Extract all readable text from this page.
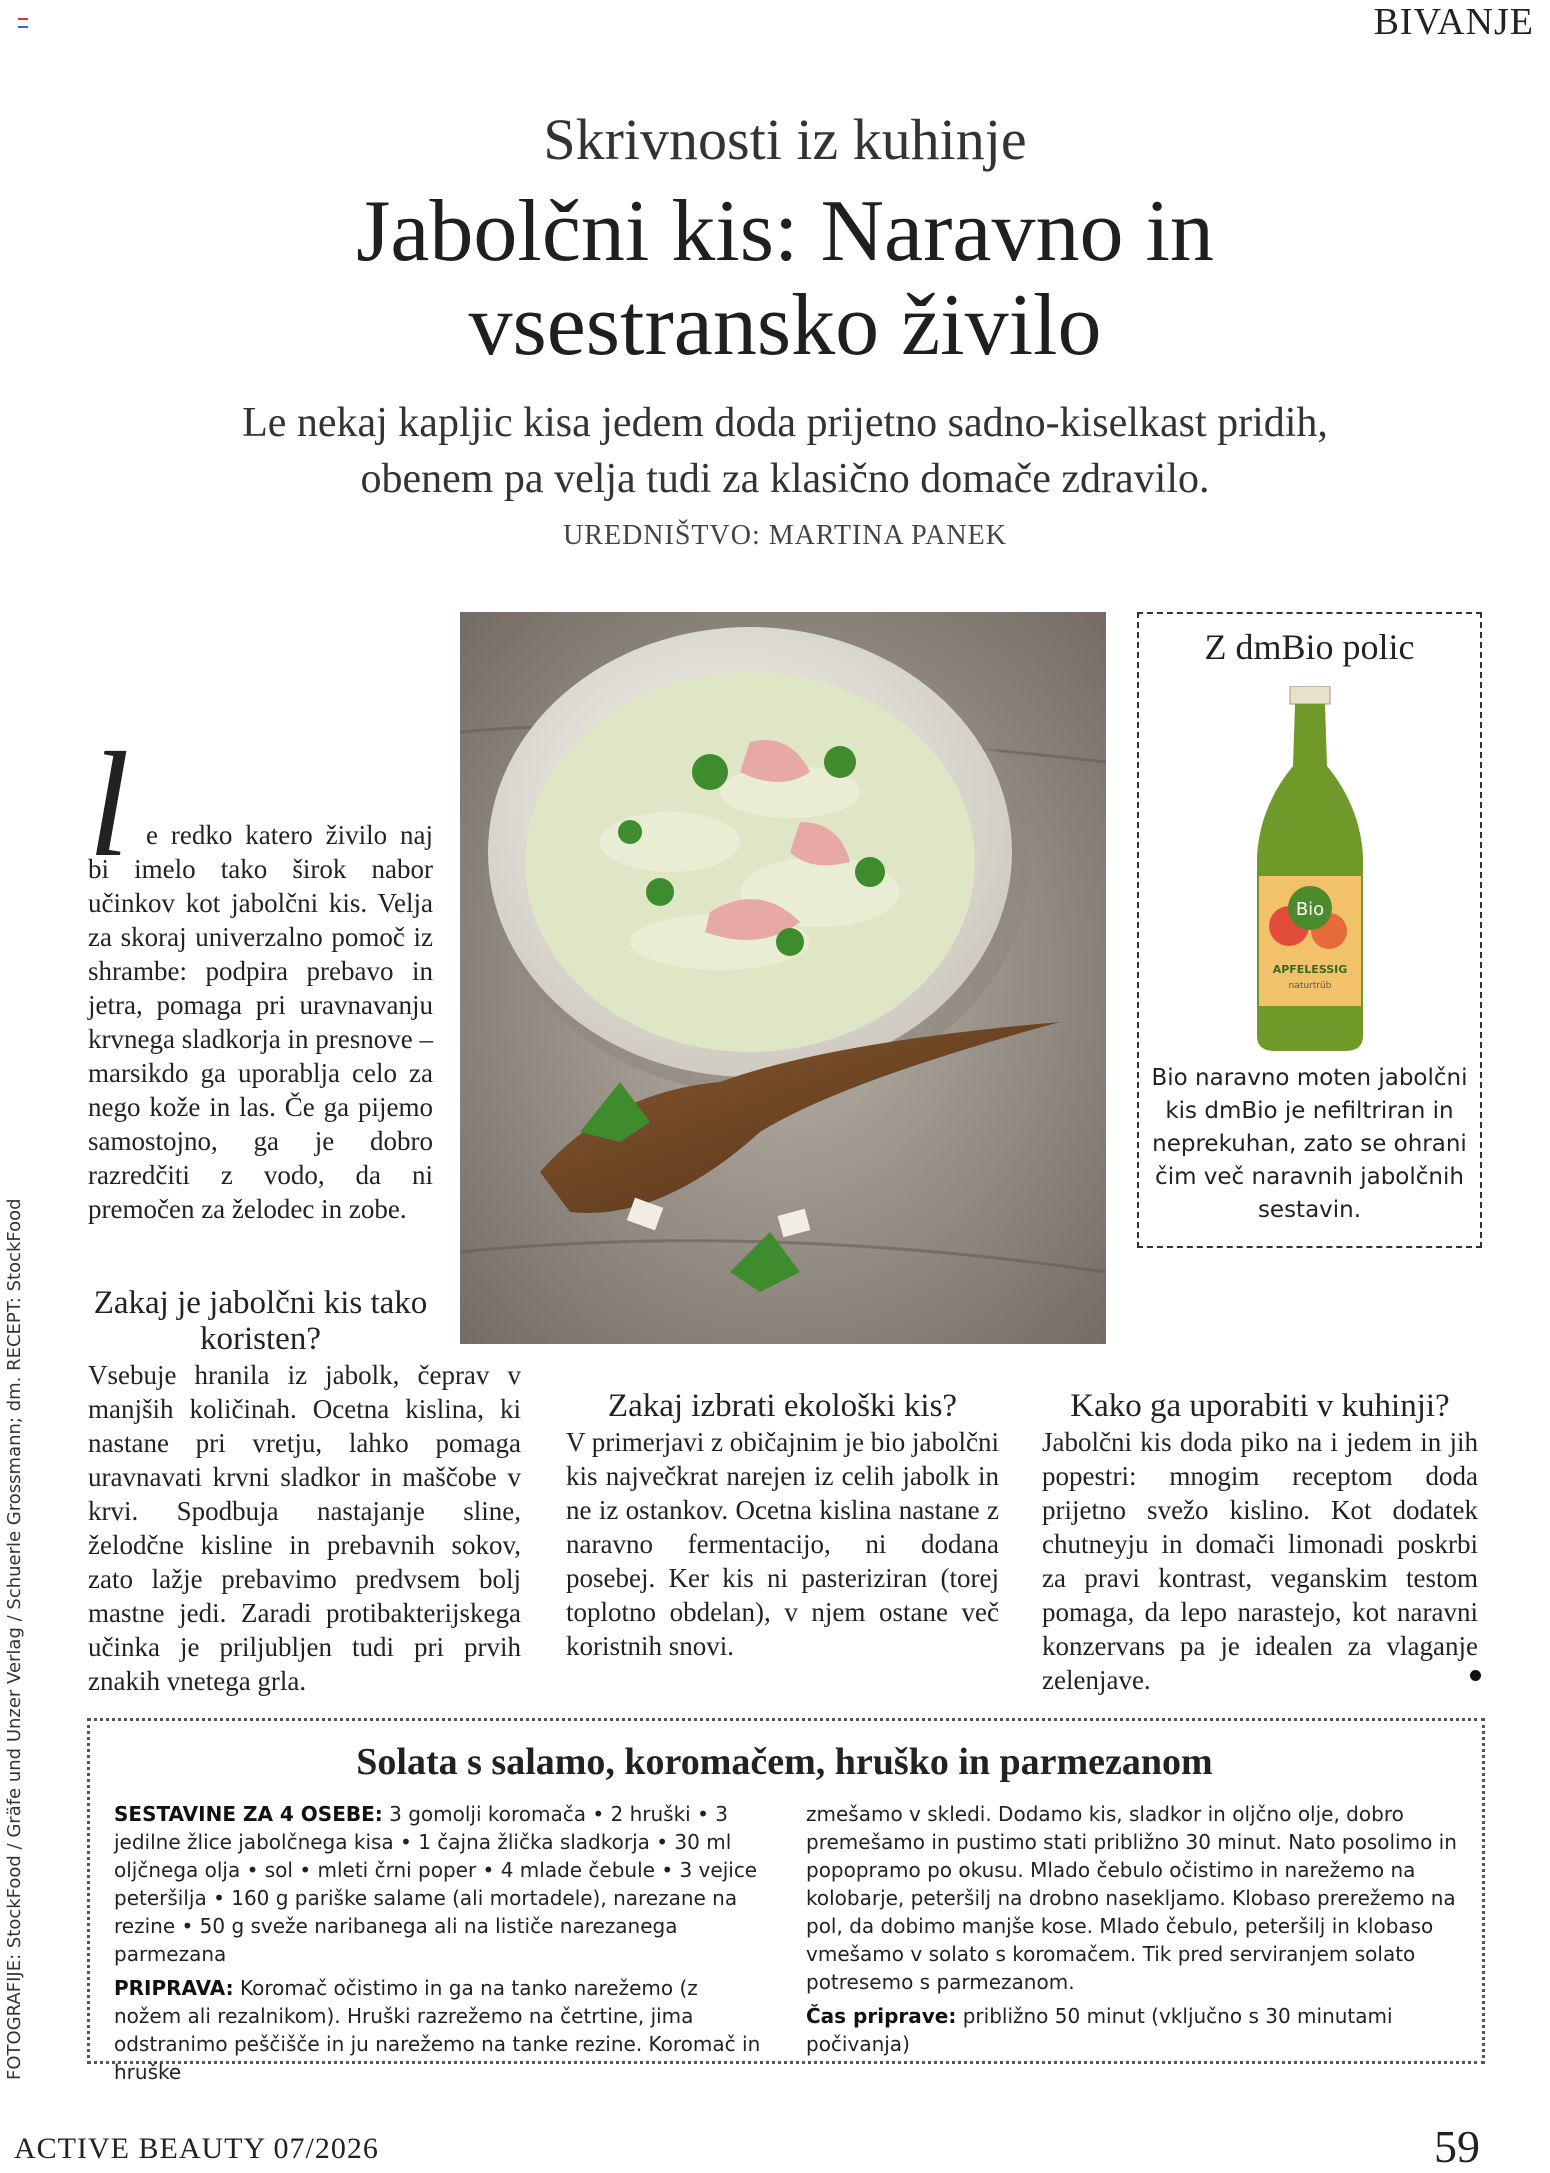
BIVANJE
Skrivnosti iz kuhinje
Jabolčni kis: Naravno in
vsestransko živilo
Le nekaj kapljic kisa jedem doda prijetno sadno-kiselkast pridih,
obenem pa velja tudi za klasično domače zdravilo.
UREDNIŠTVO: MARTINA PANEK
Z dmBio polic
Bio
APFELESSIG
naturtrüb
Bio naravno moten jabolčni kis dmBio je nefiltriran in neprekuhan, zato se ohrani čim več naravnih jabolčnih sestavin.
l e redko katero živilo naj bi imelo tako širok nabor učinkov kot jabolčni kis. Velja za skoraj univerzalno pomoč iz shrambe: podpira prebavo in jetra, pomaga pri uravnavanju krvnega sladkorja in presnove – marsikdo ga uporablja celo za nego kože in las. Če ga pijemo samostojno, ga je dobro razredčiti z vodo, da ni premočen za želodec in zobe.
Zakaj je jabolčni kis tako koristen?
Vsebuje hranila iz jabolk, čeprav v manjših količinah. Ocetna kislina, ki nastane pri vretju, lahko pomaga uravnavati krvni sladkor in maščobe v krvi. Spodbuja nastajanje sline, želodčne kisline in prebavnih sokov, zato lažje prebavimo predvsem bolj mastne jedi. Zaradi protibakterijskega učinka je priljubljen tudi pri prvih znakih vnetega grla.
Zakaj izbrati ekološki kis?
V primerjavi z običajnim je bio jabolčni kis največkrat narejen iz celih jabolk in ne iz ostankov. Ocetna kislina nastane z naravno fermentacijo, ni dodana posebej. Ker kis ni pasteriziran (torej toplotno obdelan), v njem ostane več koristnih snovi.
Kako ga uporabiti v kuhinji?
Jabolčni kis doda piko na i jedem in jih popestri: mnogim receptom doda prijetno svežo kislino. Kot dodatek chutneyju in domači limonadi poskrbi za pravi kontrast, veganskim testom pomaga, da lepo narastejo, kot naravni konzervans pa je idealen za vlaganje zelenjave.
Solata s salamo, koromačem, hruško in parmezanom

SESTAVINE ZA 4 OSEBE: 3 gomolji koromača • 2 hruški • 3 jedilne žlice jabolčnega kisa • 1 čajna žlička sladkorja • 30 ml oljčnega olja • sol • mleti črni poper • 4 mlade čebule • 3 vejice peteršilja • 160 g pariške salame (ali mortadele), narezane na rezine • 50 g sveže naribanega ali na lističe narezanega parmezana

PRIPRAVA: Koromač očistimo in ga na tanko narežemo (z nožem ali rezalnikom). Hruški razrežemo na četrtine, jima odstranimo peščišče in ju narežemo na tanke rezine. Koromač in hruške

zmešamo v skledi. Dodamo kis, sladkor in oljčno olje, dobro premešamo in pustimo stati približno 30 minut. Nato posolimo in popopramo po okusu. Mlado čebulo očistimo in narežemo na kolobarje, peteršilj na drobno nasekljamo. Klobaso prerežemo na pol, da dobimo manjše kose. Mlado čebulo, peteršilj in klobaso vmešamo v solato s koromačem. Tik pred serviranjem solato potresemo s parmezanom.

Čas priprave: približno 50 minut (vključno s 30 minutami počivanja)

FOTOGRAFIJE: StockFood / Gräfe und Unzer Verlag / Schuerle Grossmann; dm. RECEPT: StockFood
ACTIVE BEAUTY 07/2026	59
